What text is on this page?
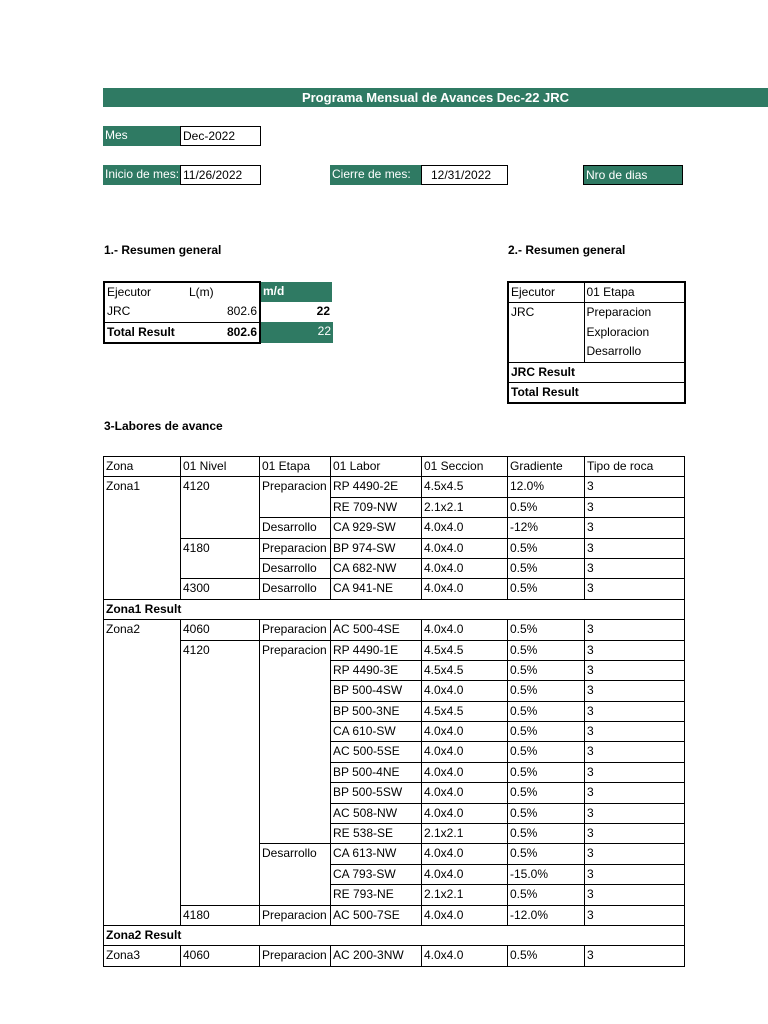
Programa Mensual de Avances Dec-22 JRC
Mes	Dec-2022
Inicio de mes: 11/26/2022	Cierre de mes:	12/31/2022	Nro de dias
1.- Resumen general	2.- Resumen general
Ejecutor	L(m)	m/d
JRC	802.6	22
Total Result	802.6	22
Ejecutor	01 Etapa
JRC	Preparacion
	Exploracion
	Desarrollo
JRC Result	
Total Result	
3-Labores de avance
Zona	01 Nivel	01 Etapa	01 Labor	01 Seccion	Gradiente	Tipo de roca
Zona1	4120	Preparacion	RP 4490-2E	4.5x4.5	12.0%	3
			RE 709-NW	2.1x2.1	0.5%	3
		Desarrollo	CA 929-SW	4.0x4.0	-12%	3
	4180	Preparacion	BP 974-SW	4.0x4.0	0.5%	3
		Desarrollo	CA 682-NW	4.0x4.0	0.5%	3
	4300	Desarrollo	CA 941-NE	4.0x4.0	0.5%	3
Zona1 Result						
Zona2	4060	Preparacion	AC 500-4SE	4.0x4.0	0.5%	3
	4120	Preparacion	RP 4490-1E	4.5x4.5	0.5%	3
			RP 4490-3E	4.5x4.5	0.5%	3
			BP 500-4SW	4.0x4.0	0.5%	3
			BP 500-3NE	4.5x4.5	0.5%	3
			CA 610-SW	4.0x4.0	0.5%	3
			AC 500-5SE	4.0x4.0	0.5%	3
			BP 500-4NE	4.0x4.0	0.5%	3
			BP 500-5SW	4.0x4.0	0.5%	3
			AC 508-NW	4.0x4.0	0.5%	3
			RE 538-SE	2.1x2.1	0.5%	3
		Desarrollo	CA 613-NW	4.0x4.0	0.5%	3
			CA 793-SW	4.0x4.0	-15.0%	3
			RE 793-NE	2.1x2.1	0.5%	3
	4180	Preparacion	AC 500-7SE	4.0x4.0	-12.0%	3
Zona2 Result						
Zona3	4060	Preparacion	AC 200-3NW	4.0x4.0	0.5%	3
